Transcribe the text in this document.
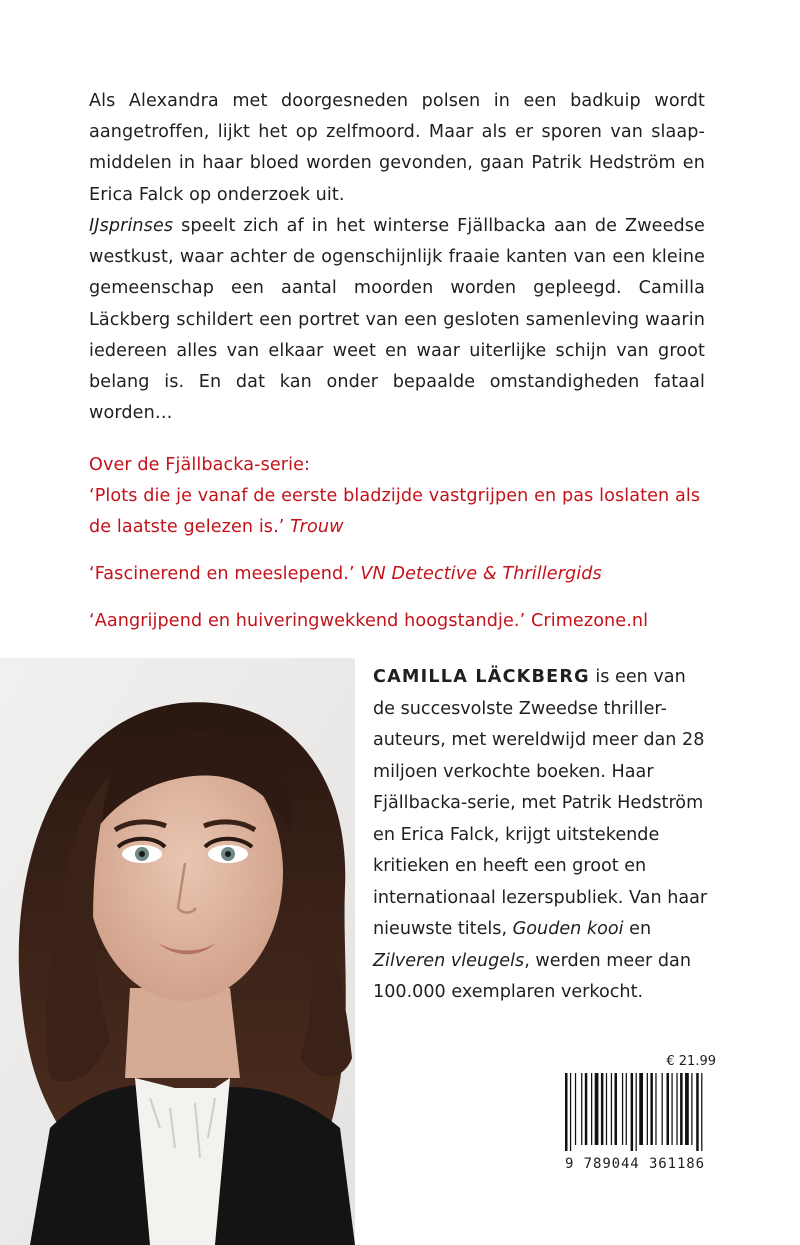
Als Alexandra met doorgesneden polsen in een badkuip wordt aangetroffen, lijkt het op zelfmoord. Maar als er sporen van slaap-middelen in haar bloed worden gevonden, gaan Patrik Hedström en Erica Falck op onderzoek uit.

IJsprinses speelt zich af in het winterse Fjällbacka aan de Zweedse westkust, waar achter de ogenschijnlijk fraaie kanten van een kleine gemeenschap een aantal moorden worden gepleegd. Camilla Läckberg schildert een portret van een gesloten samenleving waarin iedereen alles van elkaar weet en waar uiterlijke schijn van groot belang is. En dat kan onder bepaalde omstandigheden fataal worden…

Over de Fjällbacka-serie:
‘Plots die je vanaf de eerste bladzijde vastgrijpen en pas loslaten als de laatste gelezen is.’ Trouw

‘Fascinerend en meeslepend.’ VN Detective & Thrillergids

‘Aangrijpend en huiveringwekkend hoogstandje.’ Crimezone.nl

CAMILLA LÄCKBERG is een van de succesvolste Zweedse thriller-auteurs, met wereldwijd meer dan 28 miljoen verkochte boeken. Haar Fjällbacka-serie, met Patrik Hedström en Erica Falck, krijgt uitstekende kritieken en heeft een groot en internationaal lezerspubliek. Van haar nieuwste titels, Gouden kooi en Zilveren vleugels, werden meer dan 100.000 exemplaren verkocht.

€ 21.99
9 789044 361186
